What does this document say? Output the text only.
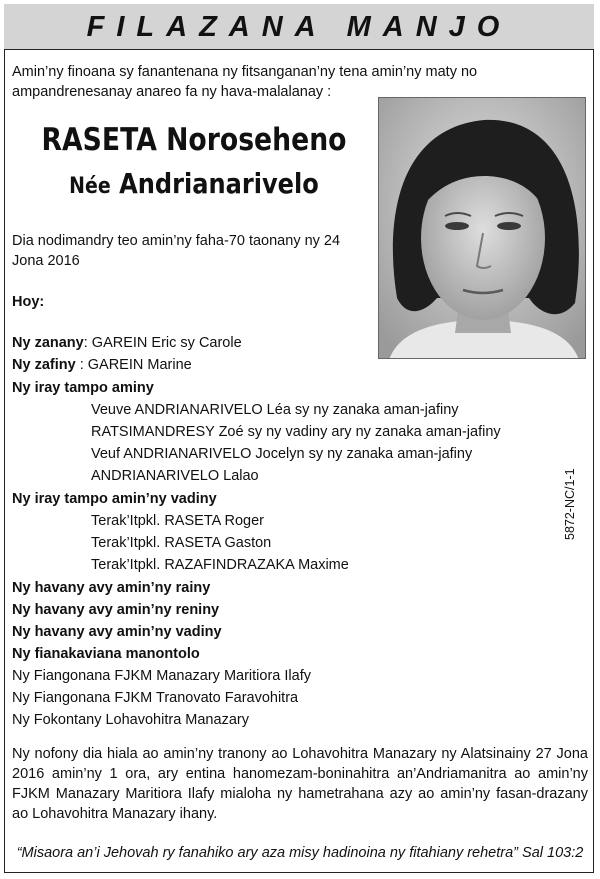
FILAZANA MANJO
Amin’ny finoana sy fanantenana ny fitsanganan’ny tena amin’ny maty no ampandrenesanay anareo fa ny hava-malalanay :
RASETA Noroseheno
Née Andrianarivelo
Dia nodimandry teo amin’ny faha-70 taonany ny 24 Jona 2016
Hoy:
Ny zanany: GAREIN Eric sy Carole
Ny zafiny : GAREIN Marine
Ny iray tampo aminy
Veuve ANDRIANARIVELO Léa sy ny zanaka aman-jafiny
RATSIMANDRESY Zoé sy ny vadiny ary ny zanaka aman-jafiny
Veuf ANDRIANARIVELO Jocelyn sy ny zanaka aman-jafiny
ANDRIANARIVELO Lalao
Ny iray tampo amin’ny vadiny
Terak’Itpkl. RASETA Roger
Terak’Itpkl. RASETA Gaston
Terak’Itpkl. RAZAFINDRAZAKA Maxime
Ny havany avy amin’ny rainy
Ny havany avy amin’ny reniny
Ny havany avy amin’ny vadiny
Ny fianakaviana manontolo
Ny Fiangonana FJKM Manazary Maritiora Ilafy
Ny Fiangonana FJKM Tranovato Faravohitra
Ny Fokontany Lohavohitra Manazary
5872-NC/1-1
Ny nofony dia hiala ao amin’ny tranony ao Lohavohitra Manazary ny Alatsinainy 27 Jona 2016 amin’ny 1 ora, ary entina hanomezam-boninahitra an’Andriamanitra ao amin’ny FJKM Manazary Maritiora Ilafy mialoha ny hametrahana azy ao amin’ny fasan-drazany ao Lohavohitra Manazary ihany.
“Misaora an’i Jehovah ry fanahiko ary aza misy hadinoina ny fitahiany rehetra” Sal 103:2
